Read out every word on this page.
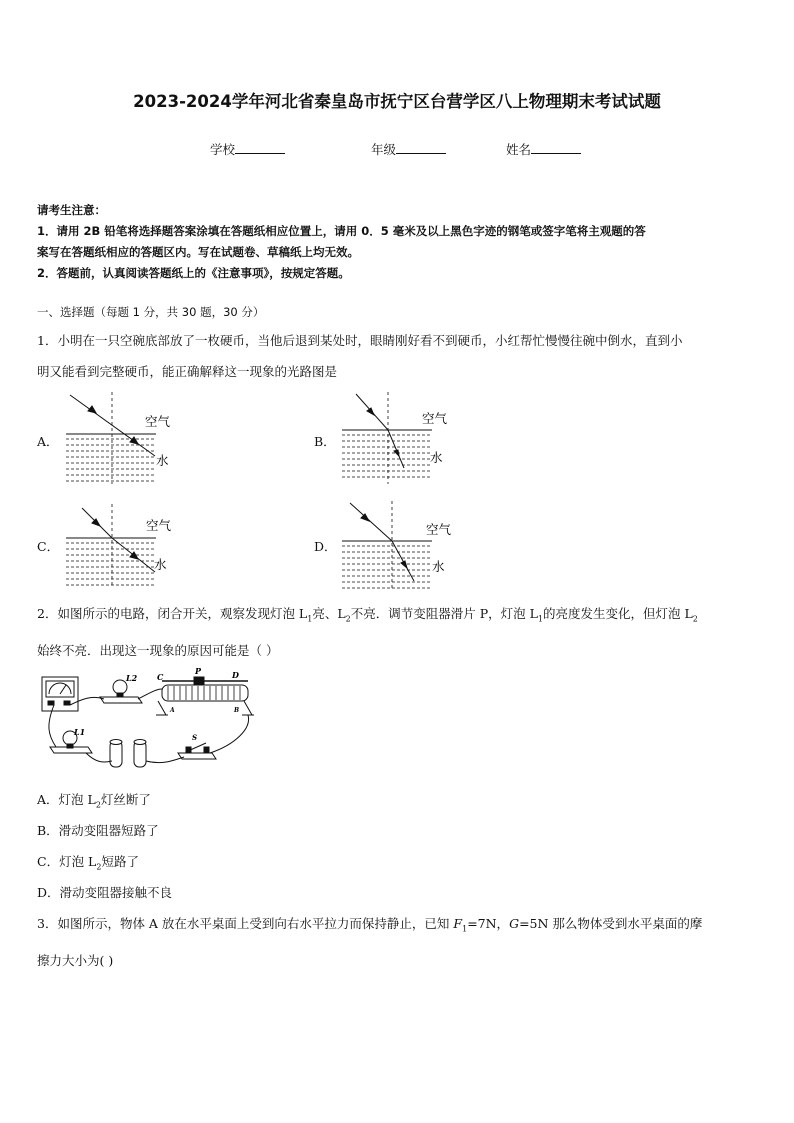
2023-2024学年河北省秦皇岛市抚宁区台营学区八上物理期末考试试题
学校	年级	姓名
请考生注意：
1．请用 2B 铅笔将选择题答案涂填在答题纸相应位置上，请用 0．5 毫米及以上黑色字迹的钢笔或签字笔将主观题的答
案写在答题纸相应的答题区内。写在试题卷、草稿纸上均无效。
2．答题前，认真阅读答题纸上的《注意事项》，按规定答题。
一、选择题（每题 1 分，共 30 题，30 分）
1．小明在一只空碗底部放了一枚硬币，当他后退到某处时，眼睛刚好看不到硬币，小红帮忙慢慢往碗中倒水，直到小
明又能看到完整硬币，能正确解释这一现象的光路图是
A．
空气
水
B．
空气
水
C．
空气
水
D．
空气
水
2．如图所示的电路，闭合开关，观察发现灯泡 $L_1$亮、$L_2$不亮．调节变阻器滑片 P，灯泡 $L_1$的亮度发生变化，但灯泡 $L_2$
始终不亮．出现这一现象的原因可能是（ ）
L2
L1
C
P	D
A	B
S
A．灯泡 $L_2$灯丝断了
B．滑动变阻器短路了
C．灯泡 $L_2$短路了
D．滑动变阻器接触不良
3．如图所示，物体 A 放在水平桌面上受到向右水平拉力而保持静止，已知 $F_1=7N$，G=5N 那么物体受到水平桌面的摩
擦力大小为( )
